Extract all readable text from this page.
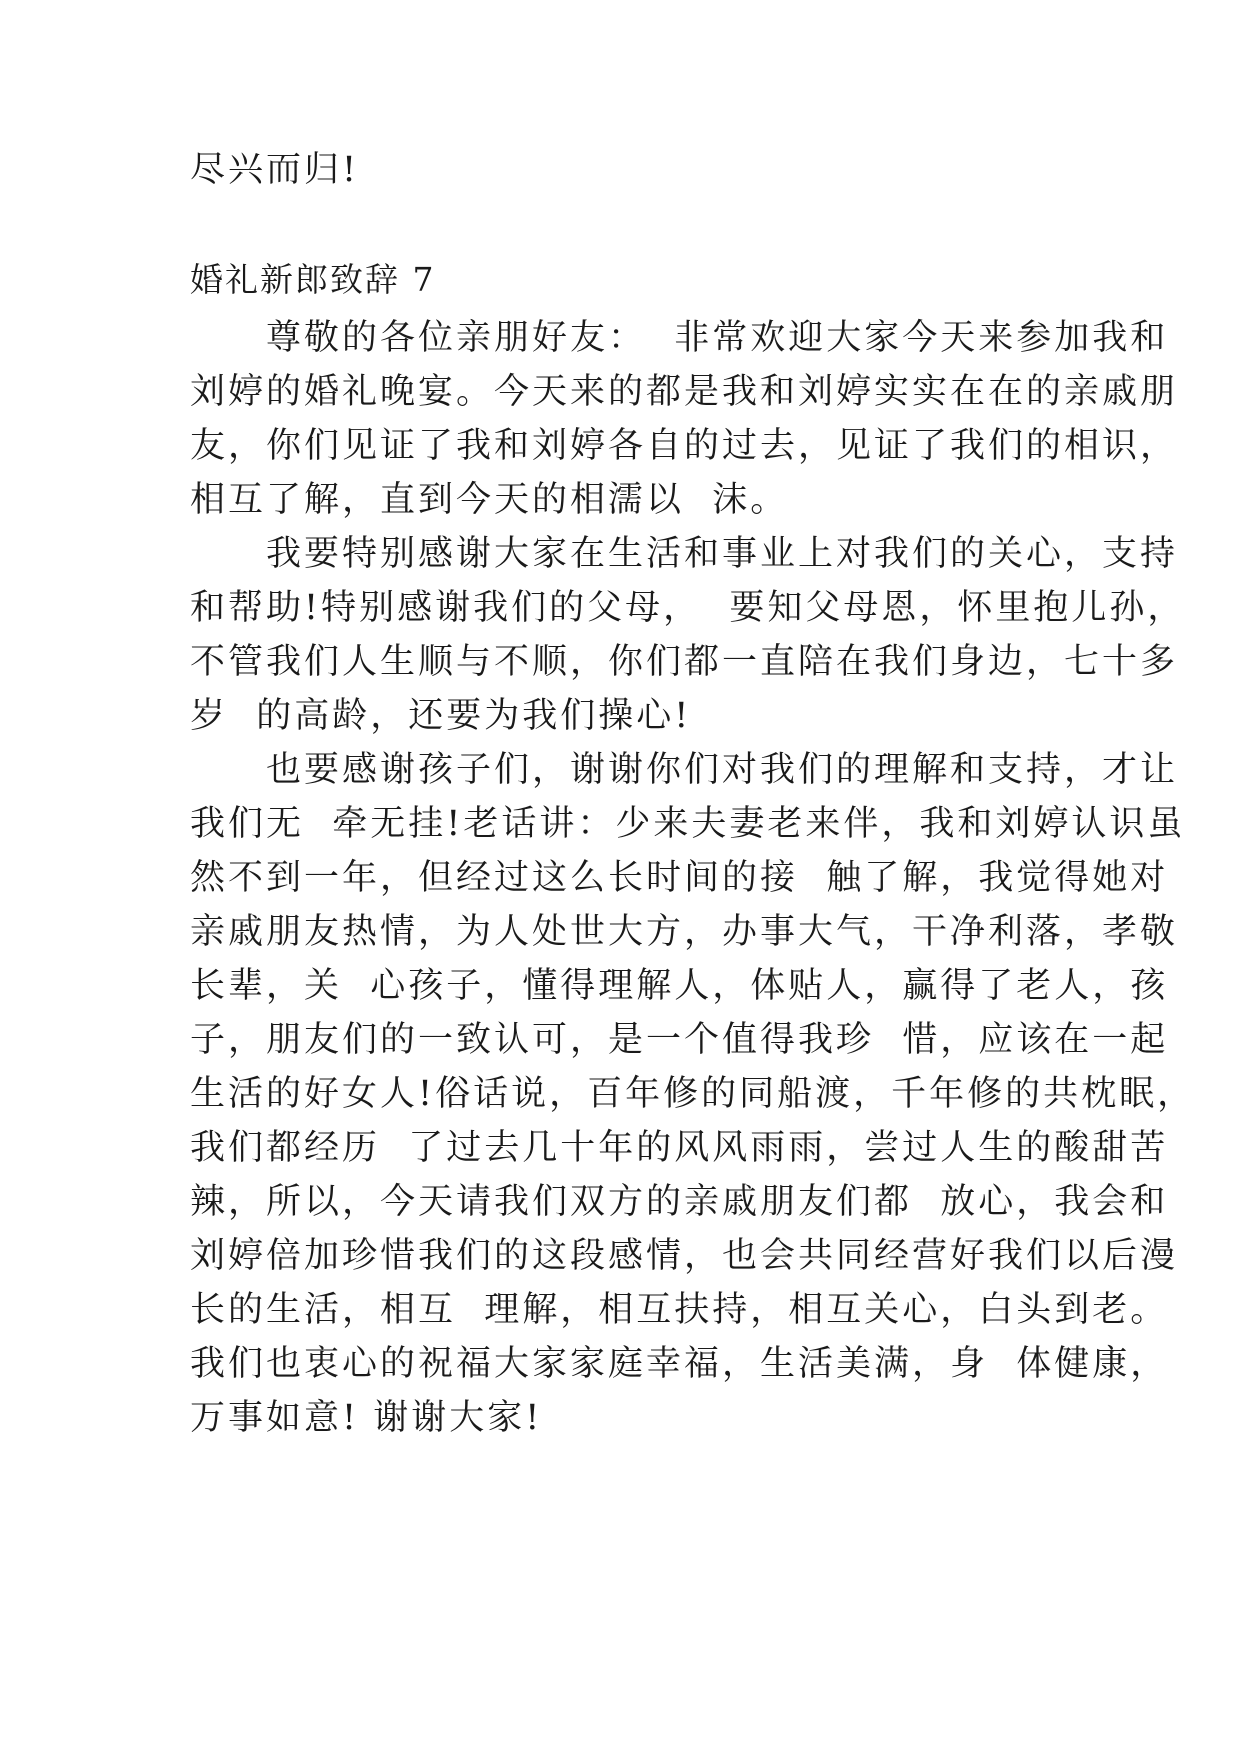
尽兴而归!
婚礼新郎致辞 7
　　尊敬的各位亲朋好友：  非常欢迎大家今天来参加我和
刘婷的婚礼晚宴。今天来的都是我和刘婷实实在在的亲戚朋
友，你们见证了我和刘婷各自的过去，见证了我们的相识，
相互了解，直到今天的相濡以  沫。
　　我要特别感谢大家在生活和事业上对我们的关心，支持
和帮助!特别感谢我们的父母，  要知父母恩，怀里抱儿孙，
不管我们人生顺与不顺，你们都一直陪在我们身边，七十多
岁  的高龄，还要为我们操心!
　　也要感谢孩子们，谢谢你们对我们的理解和支持，才让
我们无  牵无挂!老话讲：少来夫妻老来伴，我和刘婷认识虽
然不到一年，但经过这么长时间的接  触了解，我觉得她对
亲戚朋友热情，为人处世大方，办事大气，干净利落，孝敬
长辈，关  心孩子，懂得理解人，体贴人，赢得了老人，孩
子，朋友们的一致认可，是一个值得我珍  惜，应该在一起
生活的好女人!俗话说，百年修的同船渡，千年修的共枕眠，
我们都经历  了过去几十年的风风雨雨，尝过人生的酸甜苦
辣，所以，今天请我们双方的亲戚朋友们都  放心，我会和
刘婷倍加珍惜我们的这段感情，也会共同经营好我们以后漫
长的生活，相互  理解，相互扶持，相互关心，白头到老。
我们也衷心的祝福大家家庭幸福，生活美满，身  体健康，
万事如意! 谢谢大家!
